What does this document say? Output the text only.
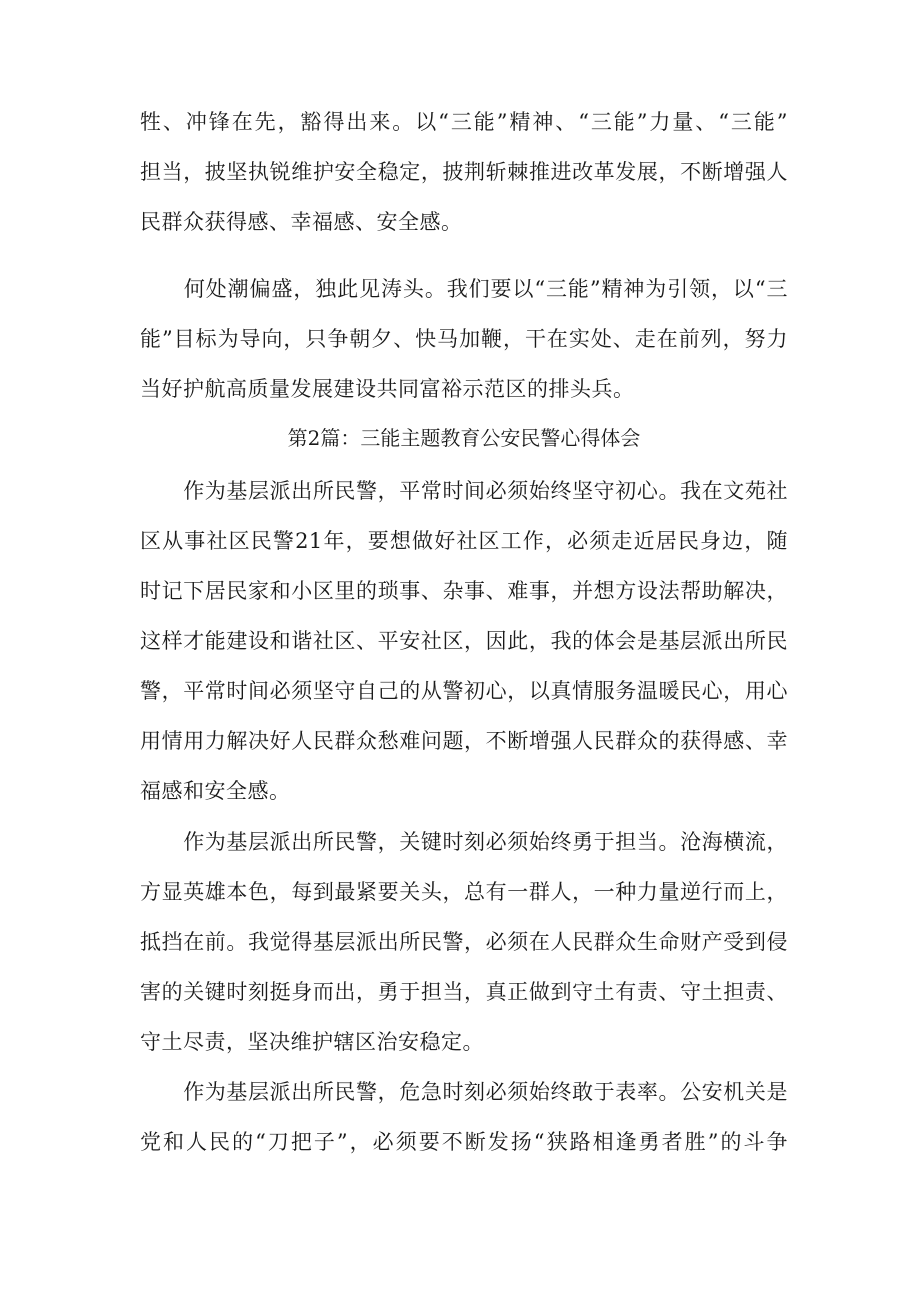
牲、冲锋在先，豁得出来。以“三能”精神、“三能”力量、“三能”
担当，披坚执锐维护安全稳定，披荆斩棘推进改革发展，不断增强人
民群众获得感、幸福感、安全感。
　　何处潮偏盛，独此见涛头。我们要以“三能”精神为引领，以“三
能”目标为导向，只争朝夕、快马加鞭，干在实处、走在前列，努力
当好护航高质量发展建设共同富裕示范区的排头兵。
第2篇：三能主题教育公安民警心得体会
　　作为基层派出所民警，平常时间必须始终坚守初心。我在文苑社
区从事社区民警21年，要想做好社区工作，必须走近居民身边，随
时记下居民家和小区里的琐事、杂事、难事，并想方设法帮助解决，
这样才能建设和谐社区、平安社区，因此，我的体会是基层派出所民
警，平常时间必须坚守自己的从警初心，以真情服务温暖民心，用心
用情用力解决好人民群众愁难问题，不断增强人民群众的获得感、幸
福感和安全感。
　　作为基层派出所民警，关键时刻必须始终勇于担当。沧海横流，
方显英雄本色，每到最紧要关头，总有一群人，一种力量逆行而上，
抵挡在前。我觉得基层派出所民警，必须在人民群众生命财产受到侵
害的关键时刻挺身而出，勇于担当，真正做到守土有责、守土担责、
守土尽责，坚决维护辖区治安稳定。
　　作为基层派出所民警，危急时刻必须始终敢于表率。公安机关是
党和人民的“刀把子”，必须要不断发扬“狭路相逢勇者胜”的斗争
